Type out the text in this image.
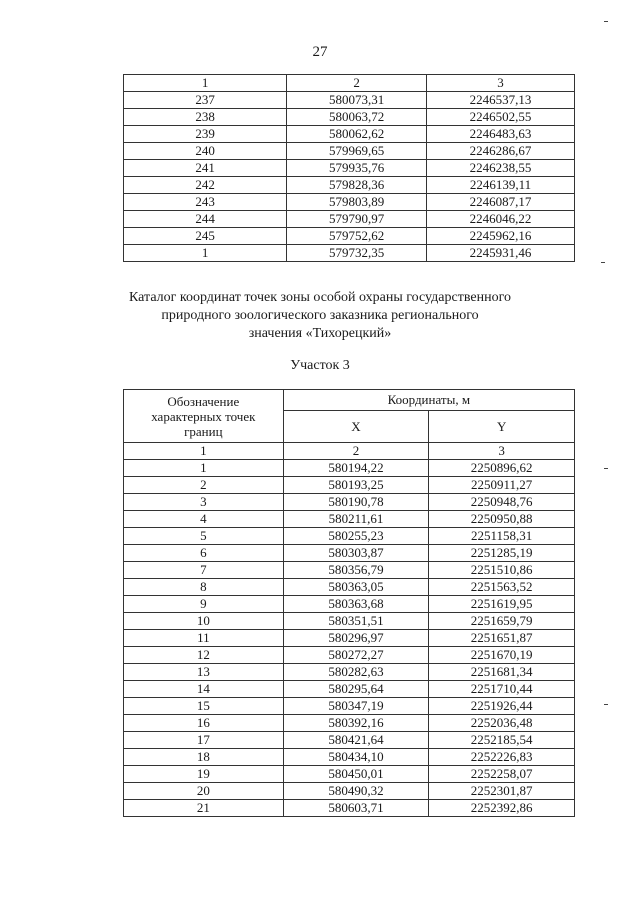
27
1	2	3
237	580073,31	2246537,13
238	580063,72	2246502,55
239	580062,62	2246483,63
240	579969,65	2246286,67
241	579935,76	2246238,55
242	579828,36	2246139,11
243	579803,89	2246087,17
244	579790,97	2246046,22
245	579752,62	2245962,16
1	579732,35	2245931,46
Каталог координат точек зоны особой охраны государственного
природного зоологического заказника регионального
значения «Тихорецкий»
Участок 3
Обозначение
характерных точек
границ	Координаты, м	
	X	Y
1	2	3
1	580194,22	2250896,62
2	580193,25	2250911,27
3	580190,78	2250948,76
4	580211,61	2250950,88
5	580255,23	2251158,31
6	580303,87	2251285,19
7	580356,79	2251510,86
8	580363,05	2251563,52
9	580363,68	2251619,95
10	580351,51	2251659,79
11	580296,97	2251651,87
12	580272,27	2251670,19
13	580282,63	2251681,34
14	580295,64	2251710,44
15	580347,19	2251926,44
16	580392,16	2252036,48
17	580421,64	2252185,54
18	580434,10	2252226,83
19	580450,01	2252258,07
20	580490,32	2252301,87
21	580603,71	2252392,86
